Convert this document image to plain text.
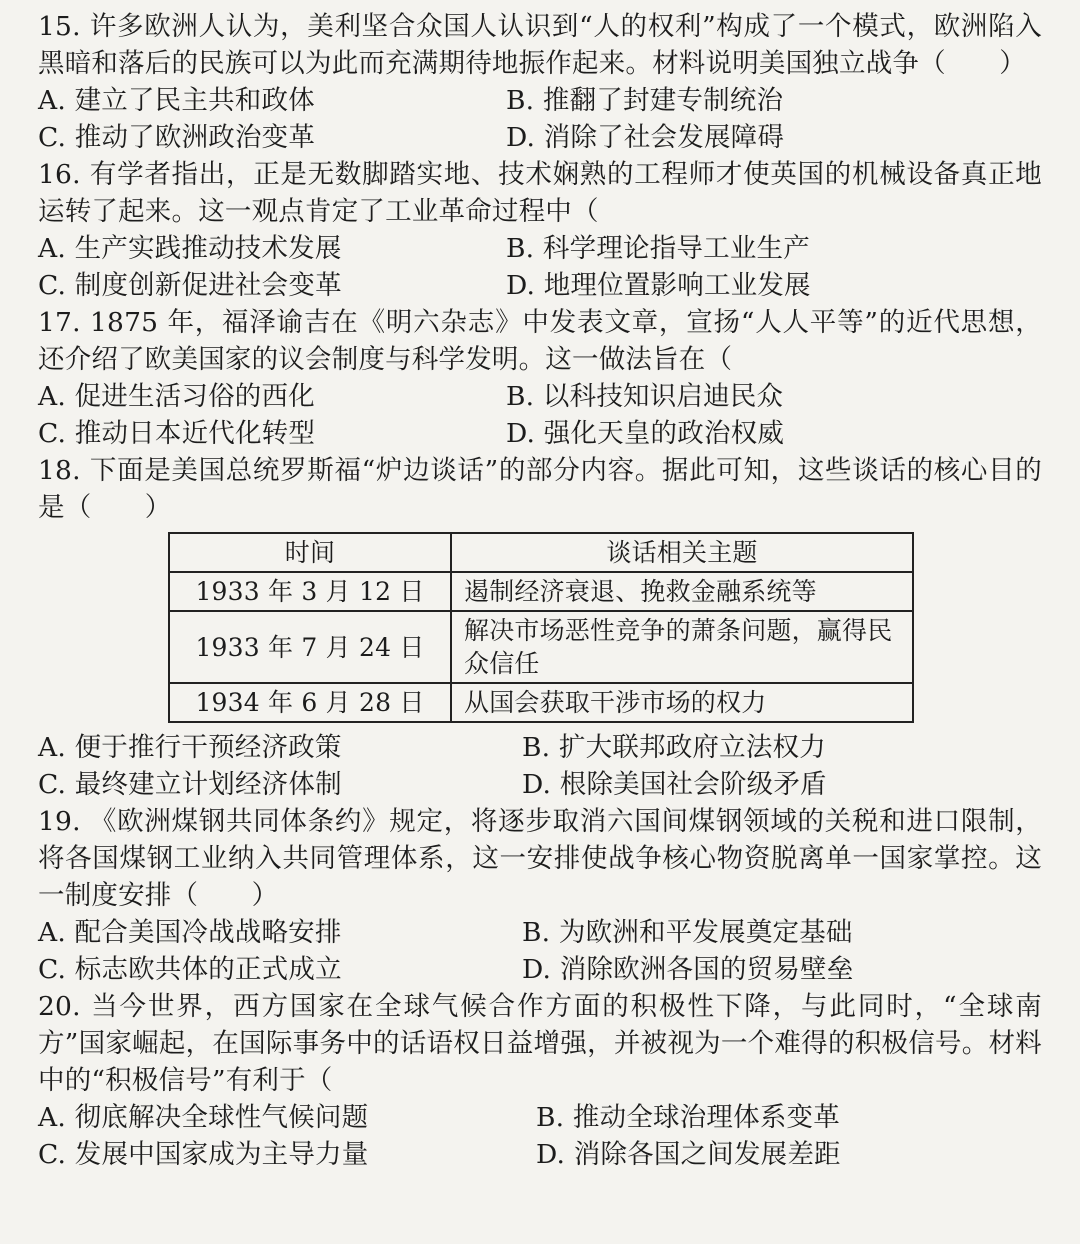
15. 许多欧洲人认为，美利坚合众国人认识到“人的权利”构成了一个模式，欧洲陷入黑暗和落后的民族可以为此而充满期待地振作起来。材料说明美国独立战争（　　）
A. 建立了民主共和政体	B. 推翻了封建专制统治
C. 推动了欧洲政治变革	D. 消除了社会发展障碍
16. 有学者指出，正是无数脚踏实地、技术娴熟的工程师才使英国的机械设备真正地运转了起来。这一观点肯定了工业革命过程中（
A. 生产实践推动技术发展	B. 科学理论指导工业生产
C. 制度创新促进社会变革	D. 地理位置影响工业发展
17. 1875 年，福泽谕吉在《明六杂志》中发表文章，宣扬“人人平等”的近代思想，还介绍了欧美国家的议会制度与科学发明。这一做法旨在（
A. 促进生活习俗的西化	B. 以科技知识启迪民众
C. 推动日本近代化转型	D. 强化天皇的政治权威
18. 下面是美国总统罗斯福“炉边谈话”的部分内容。据此可知，这些谈话的核心目的是（　　）
时间	谈话相关主题
1933 年 3 月 12 日	遏制经济衰退、挽救金融系统等
1933 年 7 月 24 日	解决市场恶性竞争的萧条问题，赢得民众信任
1934 年 6 月 28 日	从国会获取干涉市场的权力
A. 便于推行干预经济政策	B. 扩大联邦政府立法权力
C. 最终建立计划经济体制	D. 根除美国社会阶级矛盾
19. 《欧洲煤钢共同体条约》规定，将逐步取消六国间煤钢领域的关税和进口限制，将各国煤钢工业纳入共同管理体系，这一安排使战争核心物资脱离单一国家掌控。这一制度安排（　　）
A. 配合美国冷战战略安排	B. 为欧洲和平发展奠定基础
C. 标志欧共体的正式成立	D. 消除欧洲各国的贸易壁垒
20. 当今世界，西方国家在全球气候合作方面的积极性下降，与此同时，“全球南方”国家崛起，在国际事务中的话语权日益增强，并被视为一个难得的积极信号。材料中的“积极信号”有利于（
A. 彻底解决全球性气候问题	B. 推动全球治理体系变革
C. 发展中国家成为主导力量	D. 消除各国之间发展差距
